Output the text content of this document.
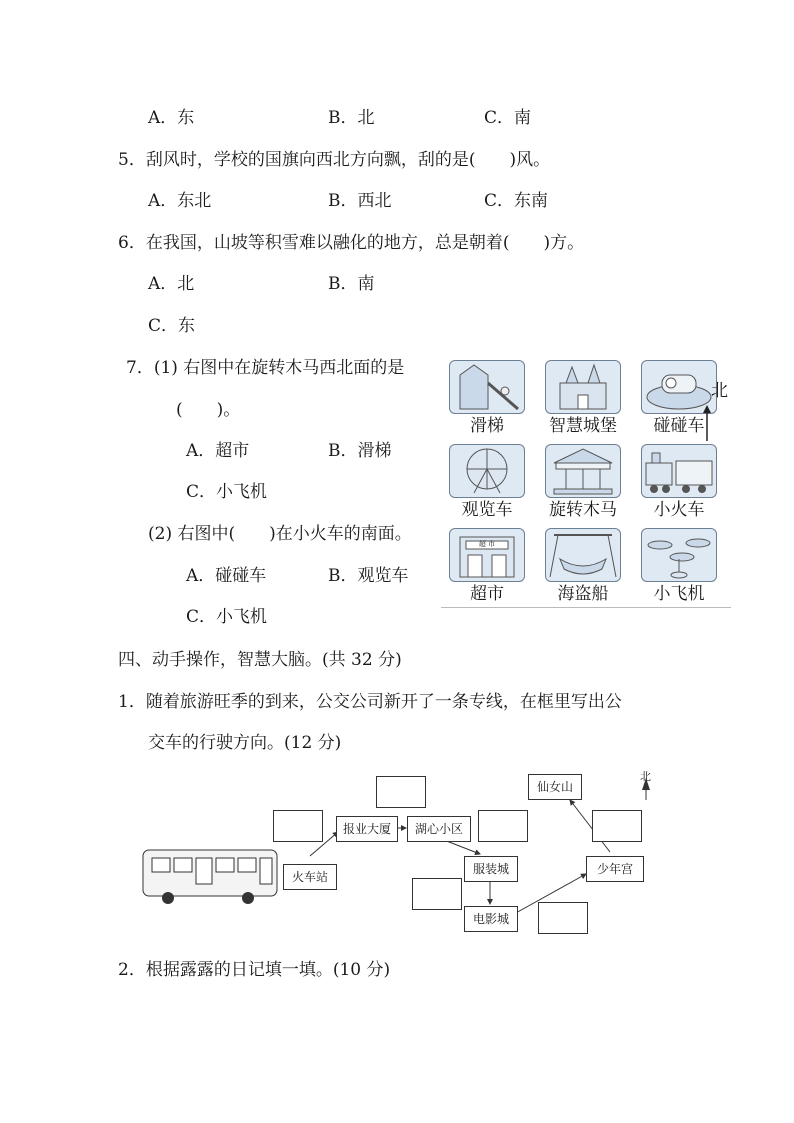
A．东	B．北	C．南
5．刮风时，学校的国旗向西北方向飘，刮的是(　　)风。
A．东北	B．西北	C．东南
6．在我国，山坡等积雪难以融化的地方，总是朝着(　　)方。
A．北	B．南
C．东
7．(1) 右图中在旋转木马西北面的是
(　　)。
A．超市	B．滑梯
C．小飞机
(2) 右图中(　　)在小火车的南面。
A．碰碰车	B．观览车
C．小飞机
滑梯	智慧城堡	碰碰车
观览车	旋转木马	小火车
超 市
超市	海盗船	小飞机
北
四、动手操作，智慧大脑。(共 32 分)
1．随着旅游旺季的到来，公交公司新开了一条专线，在框里写出公
交车的行驶方向。(12 分)
火车站
报业大厦	湖心小区
服装城
电影城
少年宫
仙女山
北
2．根据露露的日记填一填。(10 分)
